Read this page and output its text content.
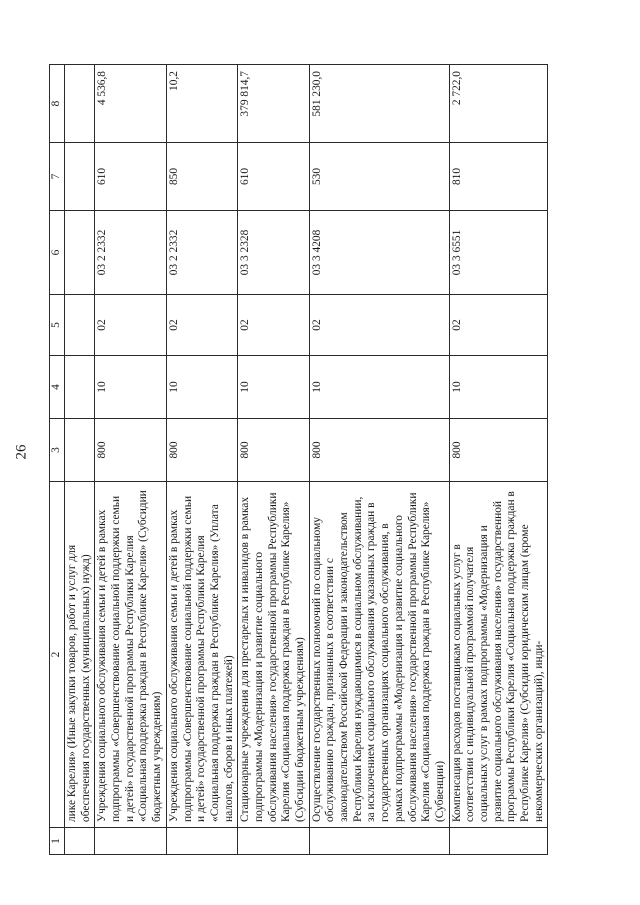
26
1	2	3	4	5	6	7	8
	лике Карелия» (Иные закупки товаров, работ и услуг для обеспечения государственных (муниципальных) нужд)						
	Учреждения социального обслуживания семьи и детей в рамках подпрограммы «Совершенствование социальной поддержки семьи и детей» государственной программы Республики Карелия «Социальная поддержка граждан в Республике Карелия» (Субсидии бюджетным учреждениям)	800	10	02	03 2 2332	610	4 536,8
	Учреждения социального обслуживания семьи и детей в рамках подпрограммы «Совершенствование социальной поддержки семьи и детей» государственной программы Республики Карелия «Социальная поддержка граждан в Республике Карелия» (Уплата налогов, сборов и иных платежей)	800	10	02	03 2 2332	850	10,2
	Стационарные учреждения для престарелых и инвалидов в рамках подпрограммы «Модернизация и развитие социального обслуживания населения» государственной программы Республики Карелия «Социальная поддержка граждан в Республике Карелия» (Субсидии бюджетным учреждениям)	800	10	02	03 3 2328	610	379 814,7
	Осуществление государственных полномочий по социальному обслуживанию граждан, признанных в соответствии с законодательством Российской Федерации и законодательством Республики Карелия нуждающимися в социальном обслуживании, за исключением социального обслуживания указанных граждан в государственных организациях социального обслуживания, в рамках подпрограммы «Модернизация и развитие социального обслуживания населения» государственной программы Республики Карелия «Социальная поддержка граждан в Республике Карелия» (Субвенции)	800	10	02	03 3 4208	530	581 230,0
	Компенсация расходов поставщикам социальных услуг в соответствии с индивидуальной программой получателя социальных услуг в рамках подпрограммы «Модернизация и развитие социального обслуживания населения» государственной программы Республики Карелия «Социальная поддержка граждан в Республике Карелия» (Субсидии юридическим лицам (кроме некоммерческих организаций), инди-	800	10	02	03 3 6551	810	2 722,0
